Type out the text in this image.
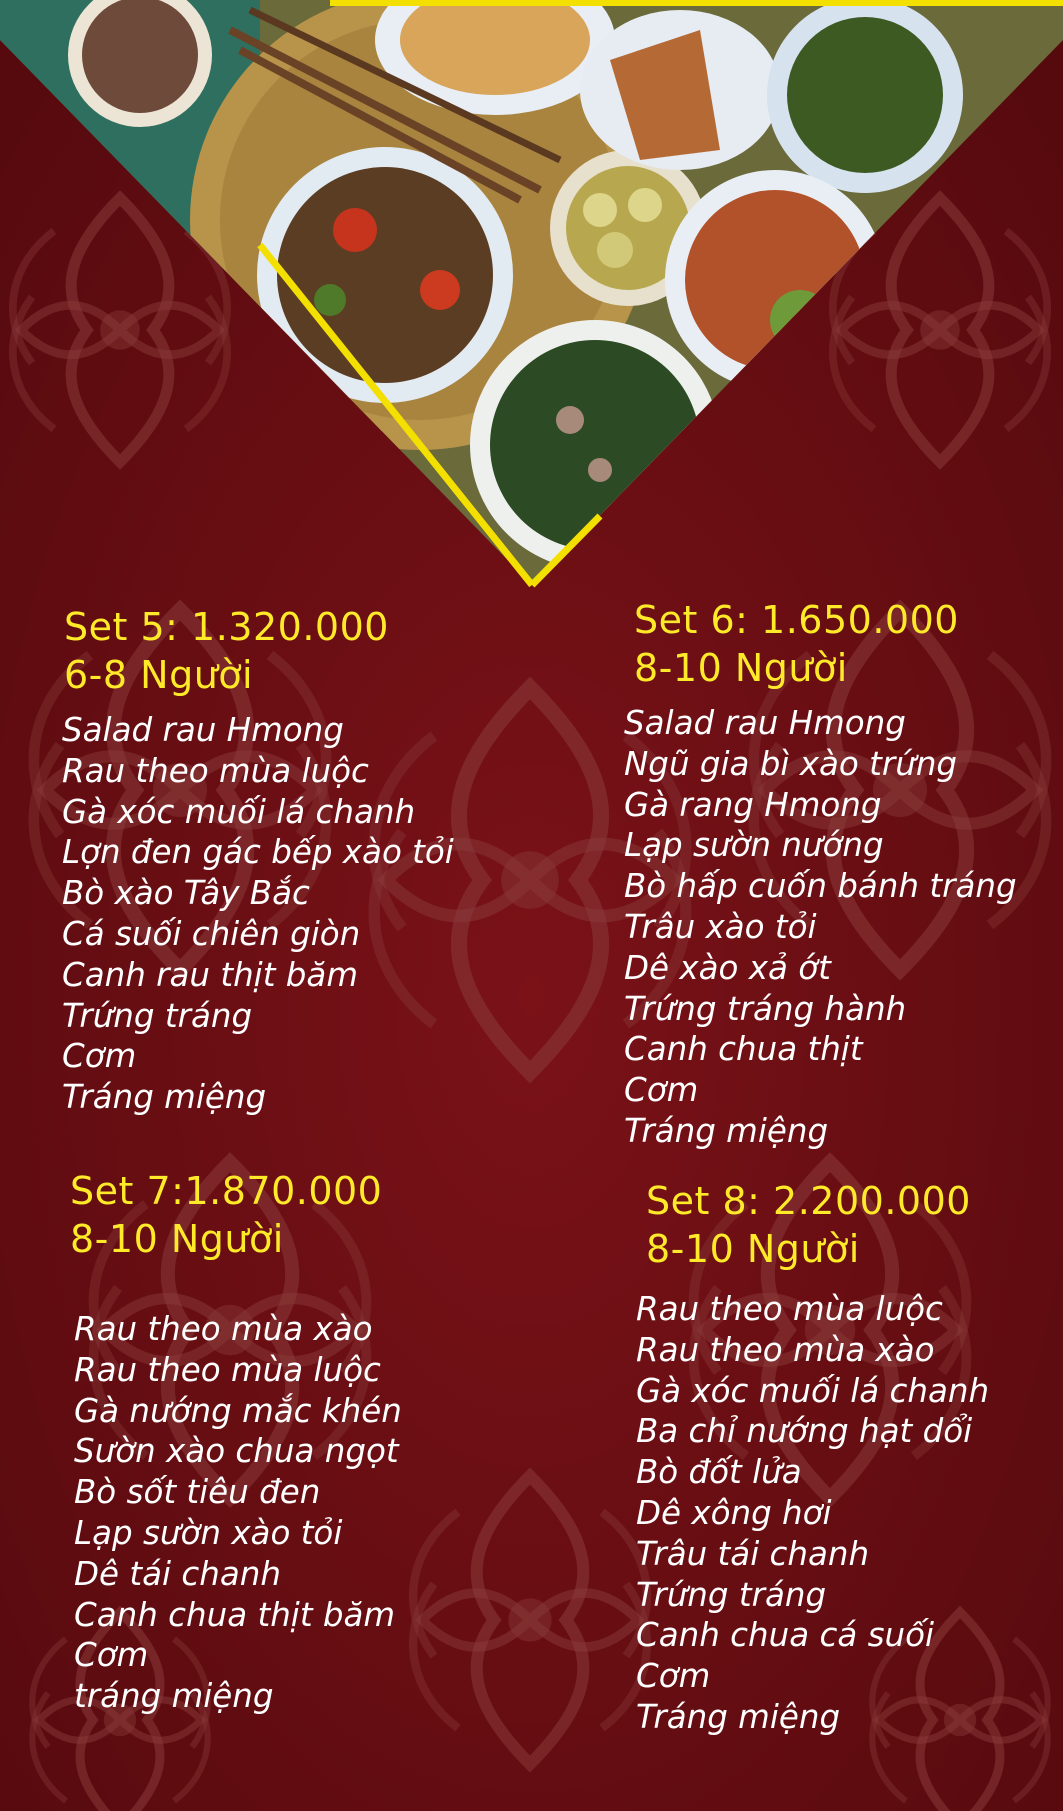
Set 5: 1.320.000
6-8 Người
Salad rau Hmong
Rau theo mùa luộc
Gà xóc muối lá chanh
Lợn đen gác bếp xào tỏi
Bò xào Tây Bắc
Cá suối chiên giòn
Canh rau thịt băm
Trứng tráng
Cơm
Tráng miệng
Set 6: 1.650.000
8-10 Người
Salad rau Hmong
Ngũ gia bì xào trứng
Gà rang Hmong
Lạp sườn nướng
Bò hấp cuốn bánh tráng
Trâu xào tỏi
Dê xào xả ớt
Trứng tráng hành
Canh chua thịt
Cơm
Tráng miệng
Set 7:1.870.000
8-10 Người
Rau theo mùa xào
Rau theo mùa luộc
Gà nướng mắc khén
Sườn xào chua ngọt
Bò sốt tiêu đen
Lạp sườn xào tỏi
Dê tái chanh
Canh chua thịt băm
Cơm
tráng miệng
Set 8: 2.200.000
8-10 Người
Rau theo mùa luộc
Rau theo mùa xào
Gà xóc muối lá chanh
Ba chỉ nướng hạt dổi
Bò đốt lửa
Dê xông hơi
Trâu tái chanh
Trứng tráng
Canh chua cá suối
Cơm
Tráng miệng
